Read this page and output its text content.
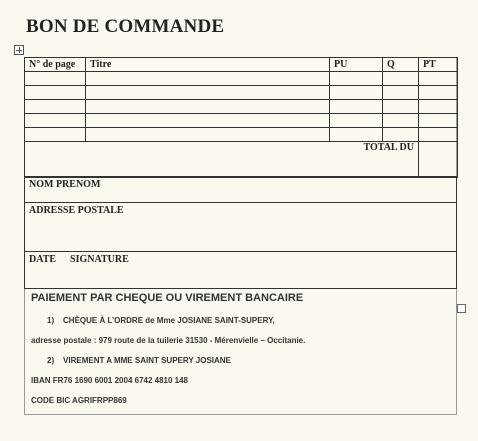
BON DE COMMANDE
N° de page	Titre	PU	Q	PT

TOTAL DU				
NOM PRENOM
ADRESSE POSTALE
DATE SIGNATURE
PAIEMENT PAR CHEQUE OU VIREMENT BANCAIRE
1) CHÈQUE À L’ORDRE de Mme JOSIANE SAINT-SUPERY,
adresse postale : 979 route de la tuilerie 31530 - Mérenvielle – Occitanie.
2) VIREMENT A MME SAINT SUPERY JOSIANE
IBAN FR76 1690 6001 2004 6742 4810 148
CODE BIC AGRIFRPP869
